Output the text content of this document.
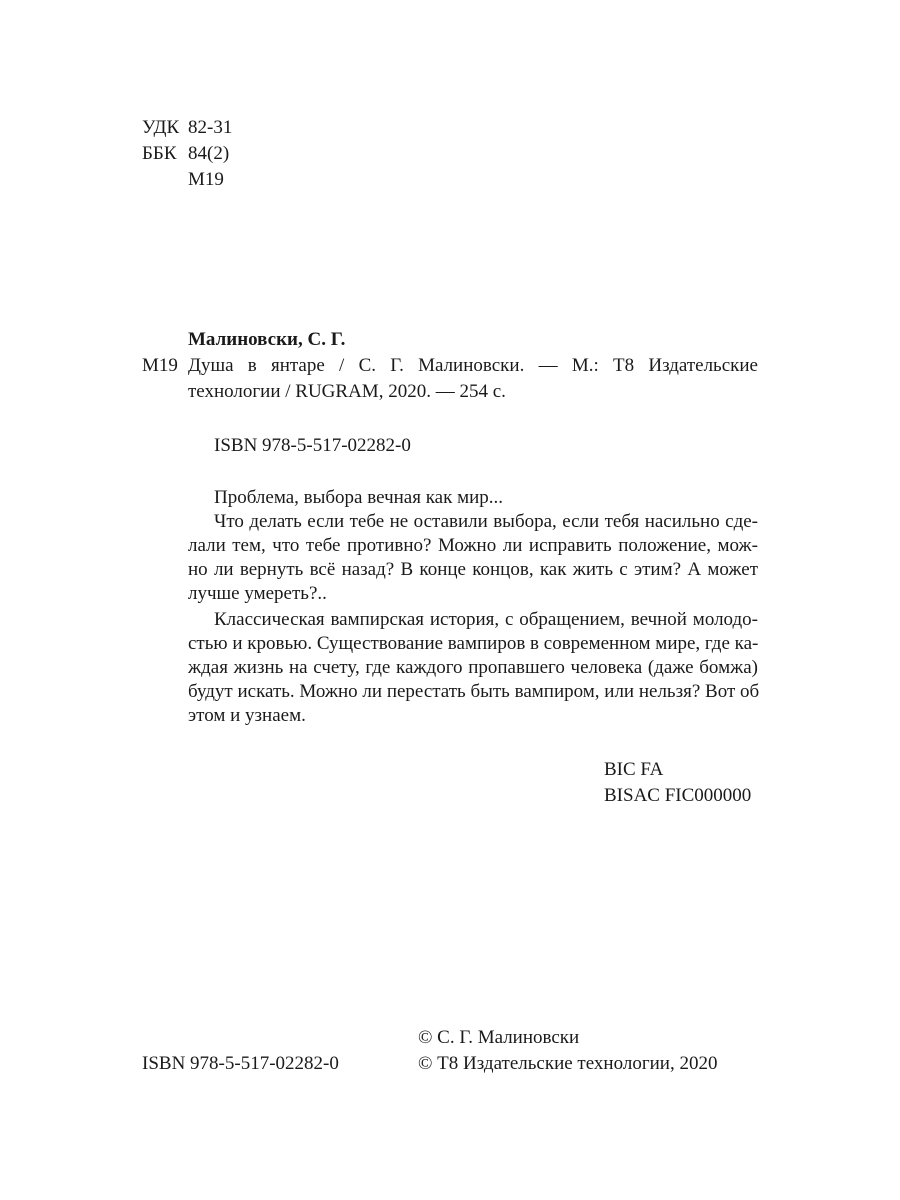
УДК 82-31
ББК 84(2)
М19
Малиновски, С. Г.
М19 Душа в янтаре / С. Г. Малиновски. — М.: Т8 Издательские
технологии / RUGRAM, 2020. — 254 с.
ISBN 978-5-517-02282-0
Проблема, выбора вечная как мир...
Что делать если тебе не оставили выбора, если тебя насильно сде-
лали тем, что тебе противно? Можно ли исправить положение, мож-
но ли вернуть всё назад? В конце концов, как жить с этим? А может
лучше умереть?..
Классическая вампирская история, с обращением, вечной молодо-
стью и кровью. Существование вампиров в современном мире, где ка-
ждая жизнь на счету, где каждого пропавшего человека (даже бомжа)
будут искать. Можно ли перестать быть вампиром, или нельзя? Вот об
этом и узнаем.
BIC FA
BISAC FIC000000
© С. Г. Малиновски
ISBN 978-5-517-02282-0	© Т8 Издательские технологии, 2020
